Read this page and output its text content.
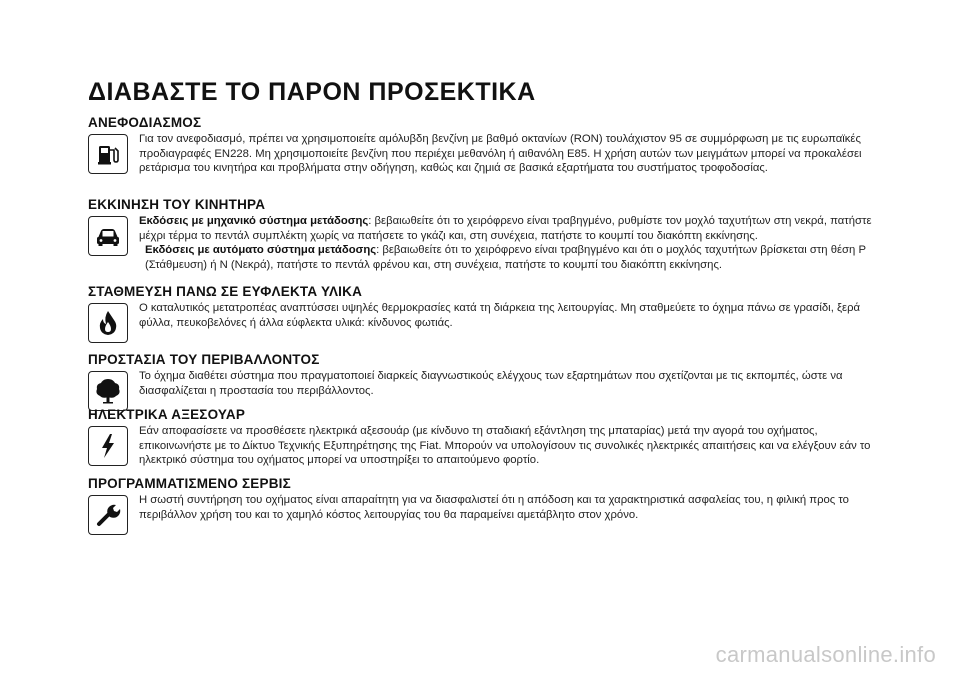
ΔΙΑΒΑΣΤΕ ΤΟ ΠΑΡΟΝ ΠΡΟΣΕΚΤΙΚΑ
ΑΝΕΦΟΔΙΑΣΜΟΣ

Για τον ανεφοδιασμό, πρέπει να χρησιμοποιείτε αμόλυβδη βενζίνη με βαθμό οκτανίων (RON) τουλάχιστον 95 σε συμμόρφωση με τις ευρωπαϊκές προδιαγραφές EN228. Μη χρησιμοποιείτε βενζίνη που περιέχει μεθανόλη ή αιθανόλη E85. Η χρήση αυτών των μειγμάτων μπορεί να προκαλέσει ρετάρισμα του κινητήρα και προβλήματα στην οδήγηση, καθώς και ζημιά σε βασικά εξαρτήματα του συστήματος τροφοδοσίας.

ΕΚΚΙΝΗΣΗ ΤΟΥ ΚΙΝΗΤΗΡΑ

Εκδόσεις με μηχανικό σύστημα μετάδοσης: βεβαιωθείτε ότι το χειρόφρενο είναι τραβηγμένο, ρυθμίστε τον μοχλό ταχυτήτων στη νεκρά, πατήστε μέχρι τέρμα το πεντάλ συμπλέκτη χωρίς να πατήσετε το γκάζι και, στη συνέχεια, πατήστε το κουμπί του διακόπτη εκκίνησης.

Εκδόσεις με αυτόματο σύστημα μετάδοσης: βεβαιωθείτε ότι το χειρόφρενο είναι τραβηγμένο και ότι ο μοχλός ταχυτήτων βρίσκεται στη θέση P (Στάθμευση) ή N (Νεκρά), πατήστε το πεντάλ φρένου και, στη συνέχεια, πατήστε το κουμπί του διακόπτη εκκίνησης.

ΣΤΑΘΜΕΥΣΗ ΠΑΝΩ ΣΕ ΕΥΦΛΕΚΤΑ ΥΛΙΚΑ

Ο καταλυτικός μετατροπέας αναπτύσσει υψηλές θερμοκρασίες κατά τη διάρκεια της λειτουργίας. Μη σταθμεύετε το όχημα πάνω σε γρασίδι, ξερά φύλλα, πευκοβελόνες ή άλλα εύφλεκτα υλικά: κίνδυνος φωτιάς.

ΠΡΟΣΤΑΣΙΑ ΤΟΥ ΠΕΡΙΒΑΛΛΟΝΤΟΣ

Το όχημα διαθέτει σύστημα που πραγματοποιεί διαρκείς διαγνωστικούς ελέγχους των εξαρτημάτων που σχετίζονται με τις εκπομπές, ώστε να διασφαλίζεται η προστασία του περιβάλλοντος.

ΗΛΕΚΤΡΙΚΑ ΑΞΕΣΟΥΑΡ

Εάν αποφασίσετε να προσθέσετε ηλεκτρικά αξεσουάρ (με κίνδυνο τη σταδιακή εξάντληση της μπαταρίας) μετά την αγορά του οχήματος, επικοινωνήστε με το Δίκτυο Τεχνικής Εξυπηρέτησης της Fiat. Μπορούν να υπολογίσουν τις συνολικές ηλεκτρικές απαιτήσεις και να ελέγξουν εάν το ηλεκτρικό σύστημα του οχήματος μπορεί να υποστηρίξει το απαιτούμενο φορτίο.

ΠΡΟΓΡΑΜΜΑΤΙΣΜΕΝΟ ΣΕΡΒΙΣ

Η σωστή συντήρηση του οχήματος είναι απαραίτητη για να διασφαλιστεί ότι η απόδοση και τα χαρακτηριστικά ασφαλείας του, η φιλική προς το περιβάλλον χρήση του και το χαμηλό κόστος λειτουργίας του θα παραμείνει αμετάβλητο στον χρόνο.

carmanualsonline.info
